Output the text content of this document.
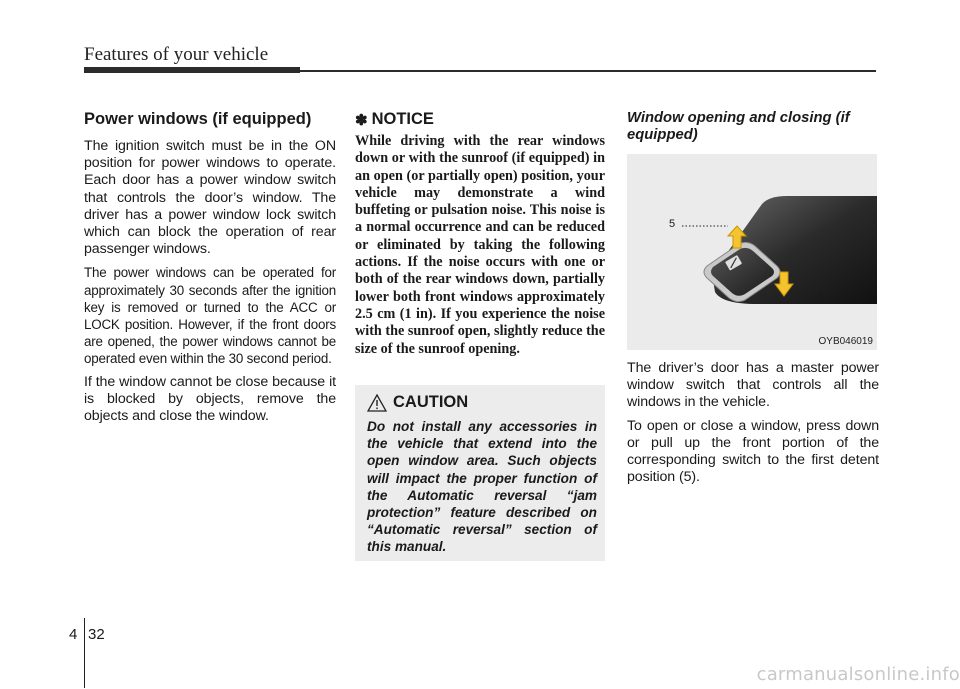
Features of your vehicle
Power windows (if equipped)

The ignition switch must be in the ON position for power windows to operate. Each door has a power window switch that controls the door’s window. The driver has a power window lock switch which can block the operation of rear passenger windows.

The power windows can be operated for approximately 30 seconds after the ignition key is removed or turned to the ACC or LOCK position. However, if the front doors are opened, the power windows cannot be operated even within the 30 second period.

If the window cannot be close because it is blocked by objects, remove the objects and close the window.

✽ NOTICE

While driving with the rear windows down or with the sunroof (if equipped) in an open (or partially open) position, your vehicle may demonstrate a wind buffeting or pulsation noise. This noise is a normal occurrence and can be reduced or eliminated by taking the following actions. If the noise occurs with one or both of the rear windows down, partially lower both front windows approximately 2.5 cm (1 in). If you experience the noise with the sunroof open, slightly reduce the size of the sunroof opening.

CAUTION

Do not install any accessories in the vehicle that extend into the open window area. Such objects will impact the proper function of the Automatic reversal “jam protection” feature described on “Automatic reversal” section of this manual.

Window opening and closing (if equipped)
5
5
OYB046019

The driver’s door has a master power window switch that controls all the windows in the vehicle.

To open or close a window, press down or pull up the front portion of the corresponding switch to the first detent position (5).

4 32
carmanualsonline.info
